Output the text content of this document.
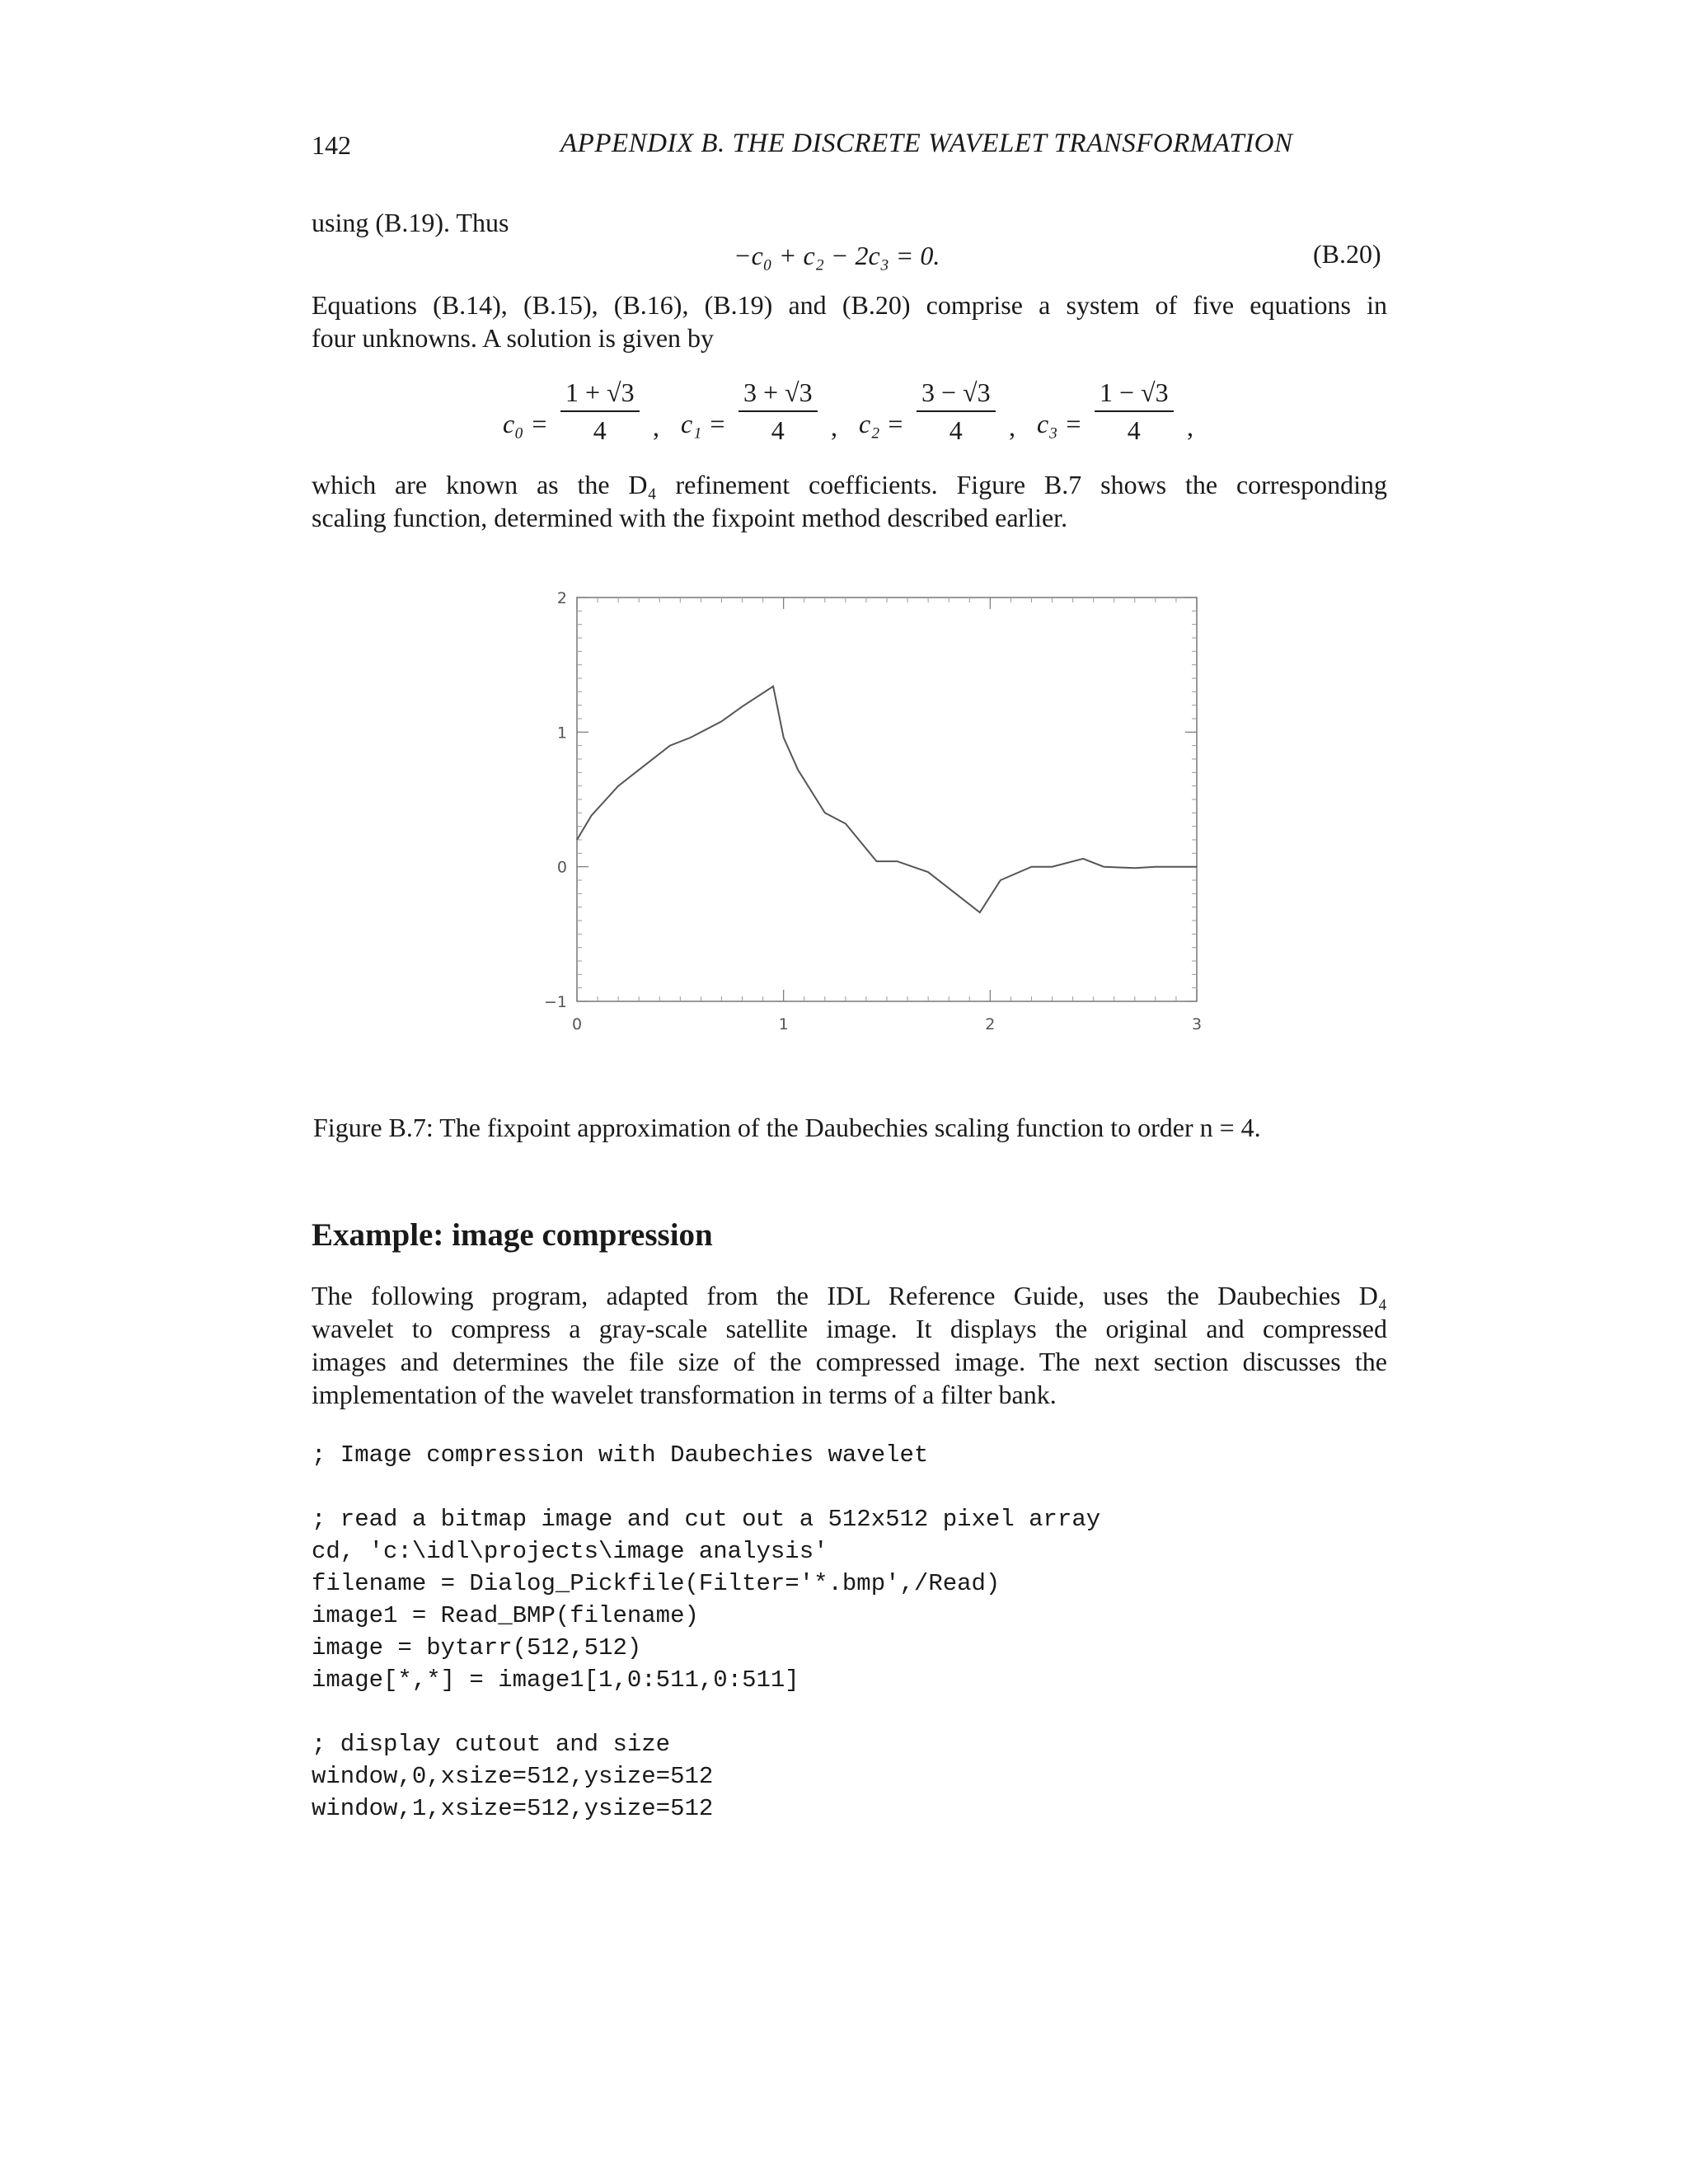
142	APPENDIX B. THE DISCRETE WAVELET TRANSFORMATION
using (B.19). Thus
−c₀ + c₂ − 2c₃ = 0.	(B.20)
Equations (B.14), (B.15), (B.16), (B.19) and (B.20) comprise a system of five equations in
four unknowns. A solution is given by
$c_0 = \frac{1 + √3}{4}$ , $c_1 = \frac{3 + √3}{4}$ , $c_2 = \frac{3 - √3}{4}$ , $c_3 = \frac{1 - √3}{4}$ ,
which are known as the D₄ refinement coefficients. Figure B.7 shows the corresponding
scaling function, determined with the fixpoint method described earlier.
0	1	2	3
−1
0
1
2
Figure B.7: The fixpoint approximation of the Daubechies scaling function to order n = 4.
Example: image compression
The following program, adapted from the IDL Reference Guide, uses the Daubechies D₄
wavelet to compress a gray-scale satellite image. It displays the original and compressed
images and determines the file size of the compressed image. The next section discusses the
implementation of the wavelet transformation in terms of a filter bank.
; Image compression with Daubechies wavelet
; read a bitmap image and cut out a 512x512 pixel array
cd, 'c:\idl\projects\image analysis'
filename = Dialog_Pickfile(Filter='*.bmp',/Read)
image1 = Read_BMP(filename)
image = bytarr(512,512)
image[*,*] = image1[1,0:511,0:511]
; display cutout and size
window,0,xsize=512,ysize=512
window,1,xsize=512,ysize=512
